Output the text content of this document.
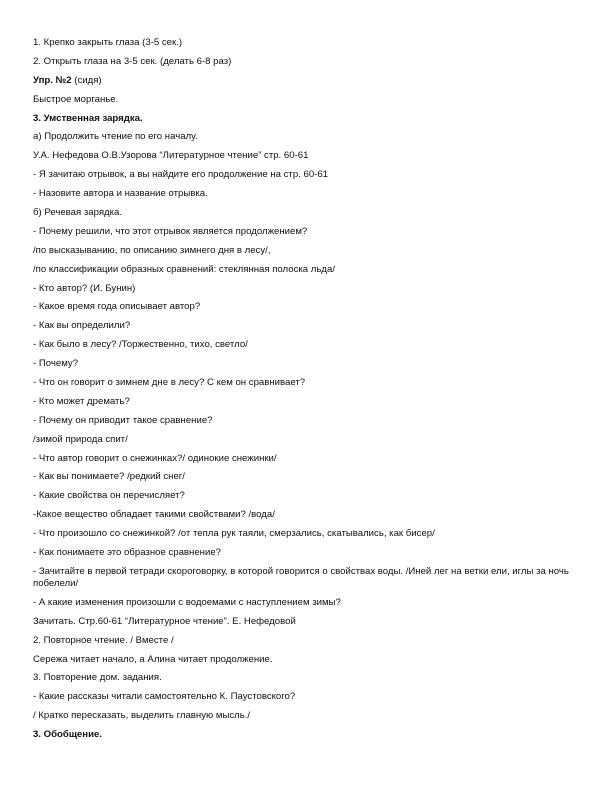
1. Крепко закрыть глаза (3-5 сек.)
2. Открыть глаза на 3-5 сек. (делать 6-8 раз)
Упр. №2 (сидя)
Быстрое морганье.
3. Умственная зарядка.
а) Продолжить чтение по его началу.
У.А. Нефедова О.В.Узорова “Литературное чтение” стр. 60-61
- Я зачитаю отрывок, а вы найдите его продолжение на стр. 60-61
- Назовите автора и название отрывка.
б) Речевая зарядка.
- Почему решили, что этот отрывок является продолжением?
/по высказыванию, по описанию зимнего дня в лесу/,
/по классификации образных сравнений: стеклянная полоска льда/
- Кто автор? (И. Бунин)
- Какое время года описывает автор?
- Как вы определили?
- Как было в лесу? /Торжественно, тихо, светло/
- Почему?
- Что он говорит о зимнем дне в лесу? С кем он сравнивает?
- Кто может дремать?
- Почему он приводит такое сравнение?
/зимой природа спит/
- Что автор говорит о снежинках?/ одинокие снежинки/
- Как вы понимаете? /редкий снег/
- Какие свойства он перечисляет?
-Какое вещество обладает такими свойствами? /вода/
- Что произошло со снежинкой? /от тепла рук таяли, смерзались, скатывались, как бисер/
- Как понимаете это образное сравнение?
- Зачитайте в первой тетради скороговорку, в которой говорится о свойствах воды. /Иней лег на ветки ели, иглы за ночь побелели/
- А какие изменения произошли с водоемами с наступлением зимы?
Зачитать. Стр.60-61 “Литературное чтение”. Е. Нефедовой
2. Повторное чтение. / Вместе /
Сережа читает начало, а Алина читает продолжение.
3. Повторение дом. задания.
- Какие рассказы читали самостоятельно К. Паустовского?
/ Кратко пересказать, выделить главную мысль./
3. Обобщение.
